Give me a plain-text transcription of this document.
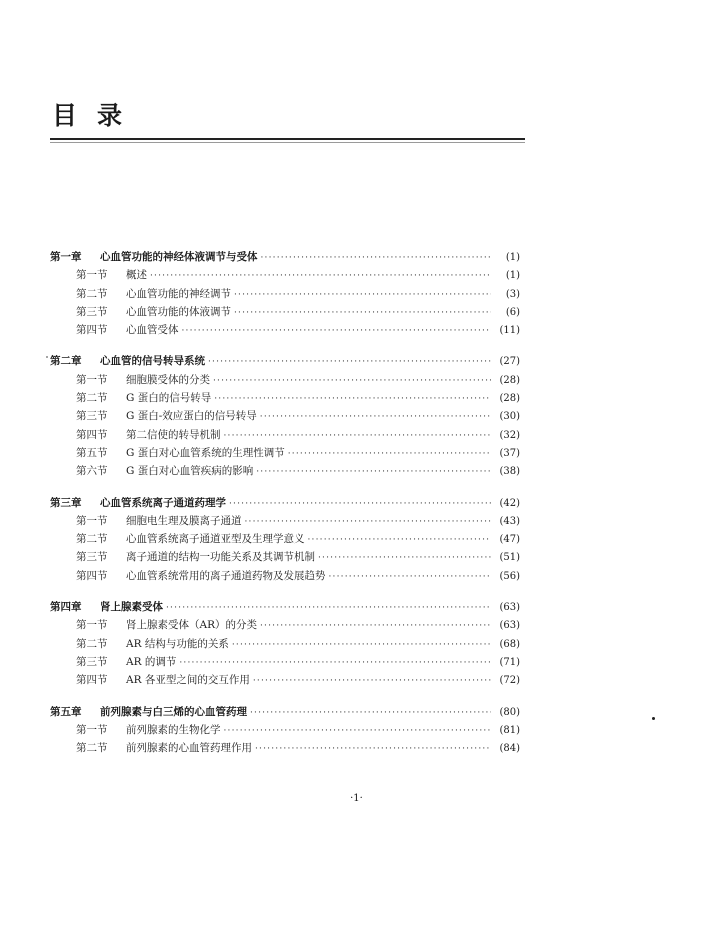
目 录
第一章	心血管功能的神经体液调节与受体 ·····	(1)
第一节	概述 ·····	(1)
第二节	心血管功能的神经调节 ·····	(3)
第三节	心血管功能的体液调节 ·····	(6)
第四节	心血管受体 ·····	(11)
第二章	心血管的信号转导系统 ·····	(27)
第一节	细胞膜受体的分类 ·····	(28)
第二节	G 蛋白的信号转导 ·····	(28)
第三节	G 蛋白-效应蛋白的信号转导 ·····	(30)
第四节	第二信使的转导机制 ·····	(32)
第五节	G 蛋白对心血管系统的生理性调节 ·····	(37)
第六节	G 蛋白对心血管疾病的影响 ·····	(38)
第三章	心血管系统离子通道药理学 ·····	(42)
第一节	细胞电生理及膜离子通道 ·····	(43)
第二节	心血管系统离子通道亚型及生理学意义 ·····	(47)
第三节	离子通道的结构一功能关系及其调节机制 ·····	(51)
第四节	心血管系统常用的离子通道药物及发展趋势 ·····	(56)
第四章	肾上腺素受体 ·····	(63)
第一节	肾上腺素受体（AR）的分类 ·····	(63)
第二节	AR 结构与功能的关系 ·····	(68)
第三节	AR 的调节 ·····	(71)
第四节	AR 各亚型之间的交互作用 ·····	(72)
第五章	前列腺素与白三烯的心血管药理 ·····	(80)
第一节	前列腺素的生物化学 ·····	(81)
第二节	前列腺素的心血管药理作用 ·····	(84)
·1·
